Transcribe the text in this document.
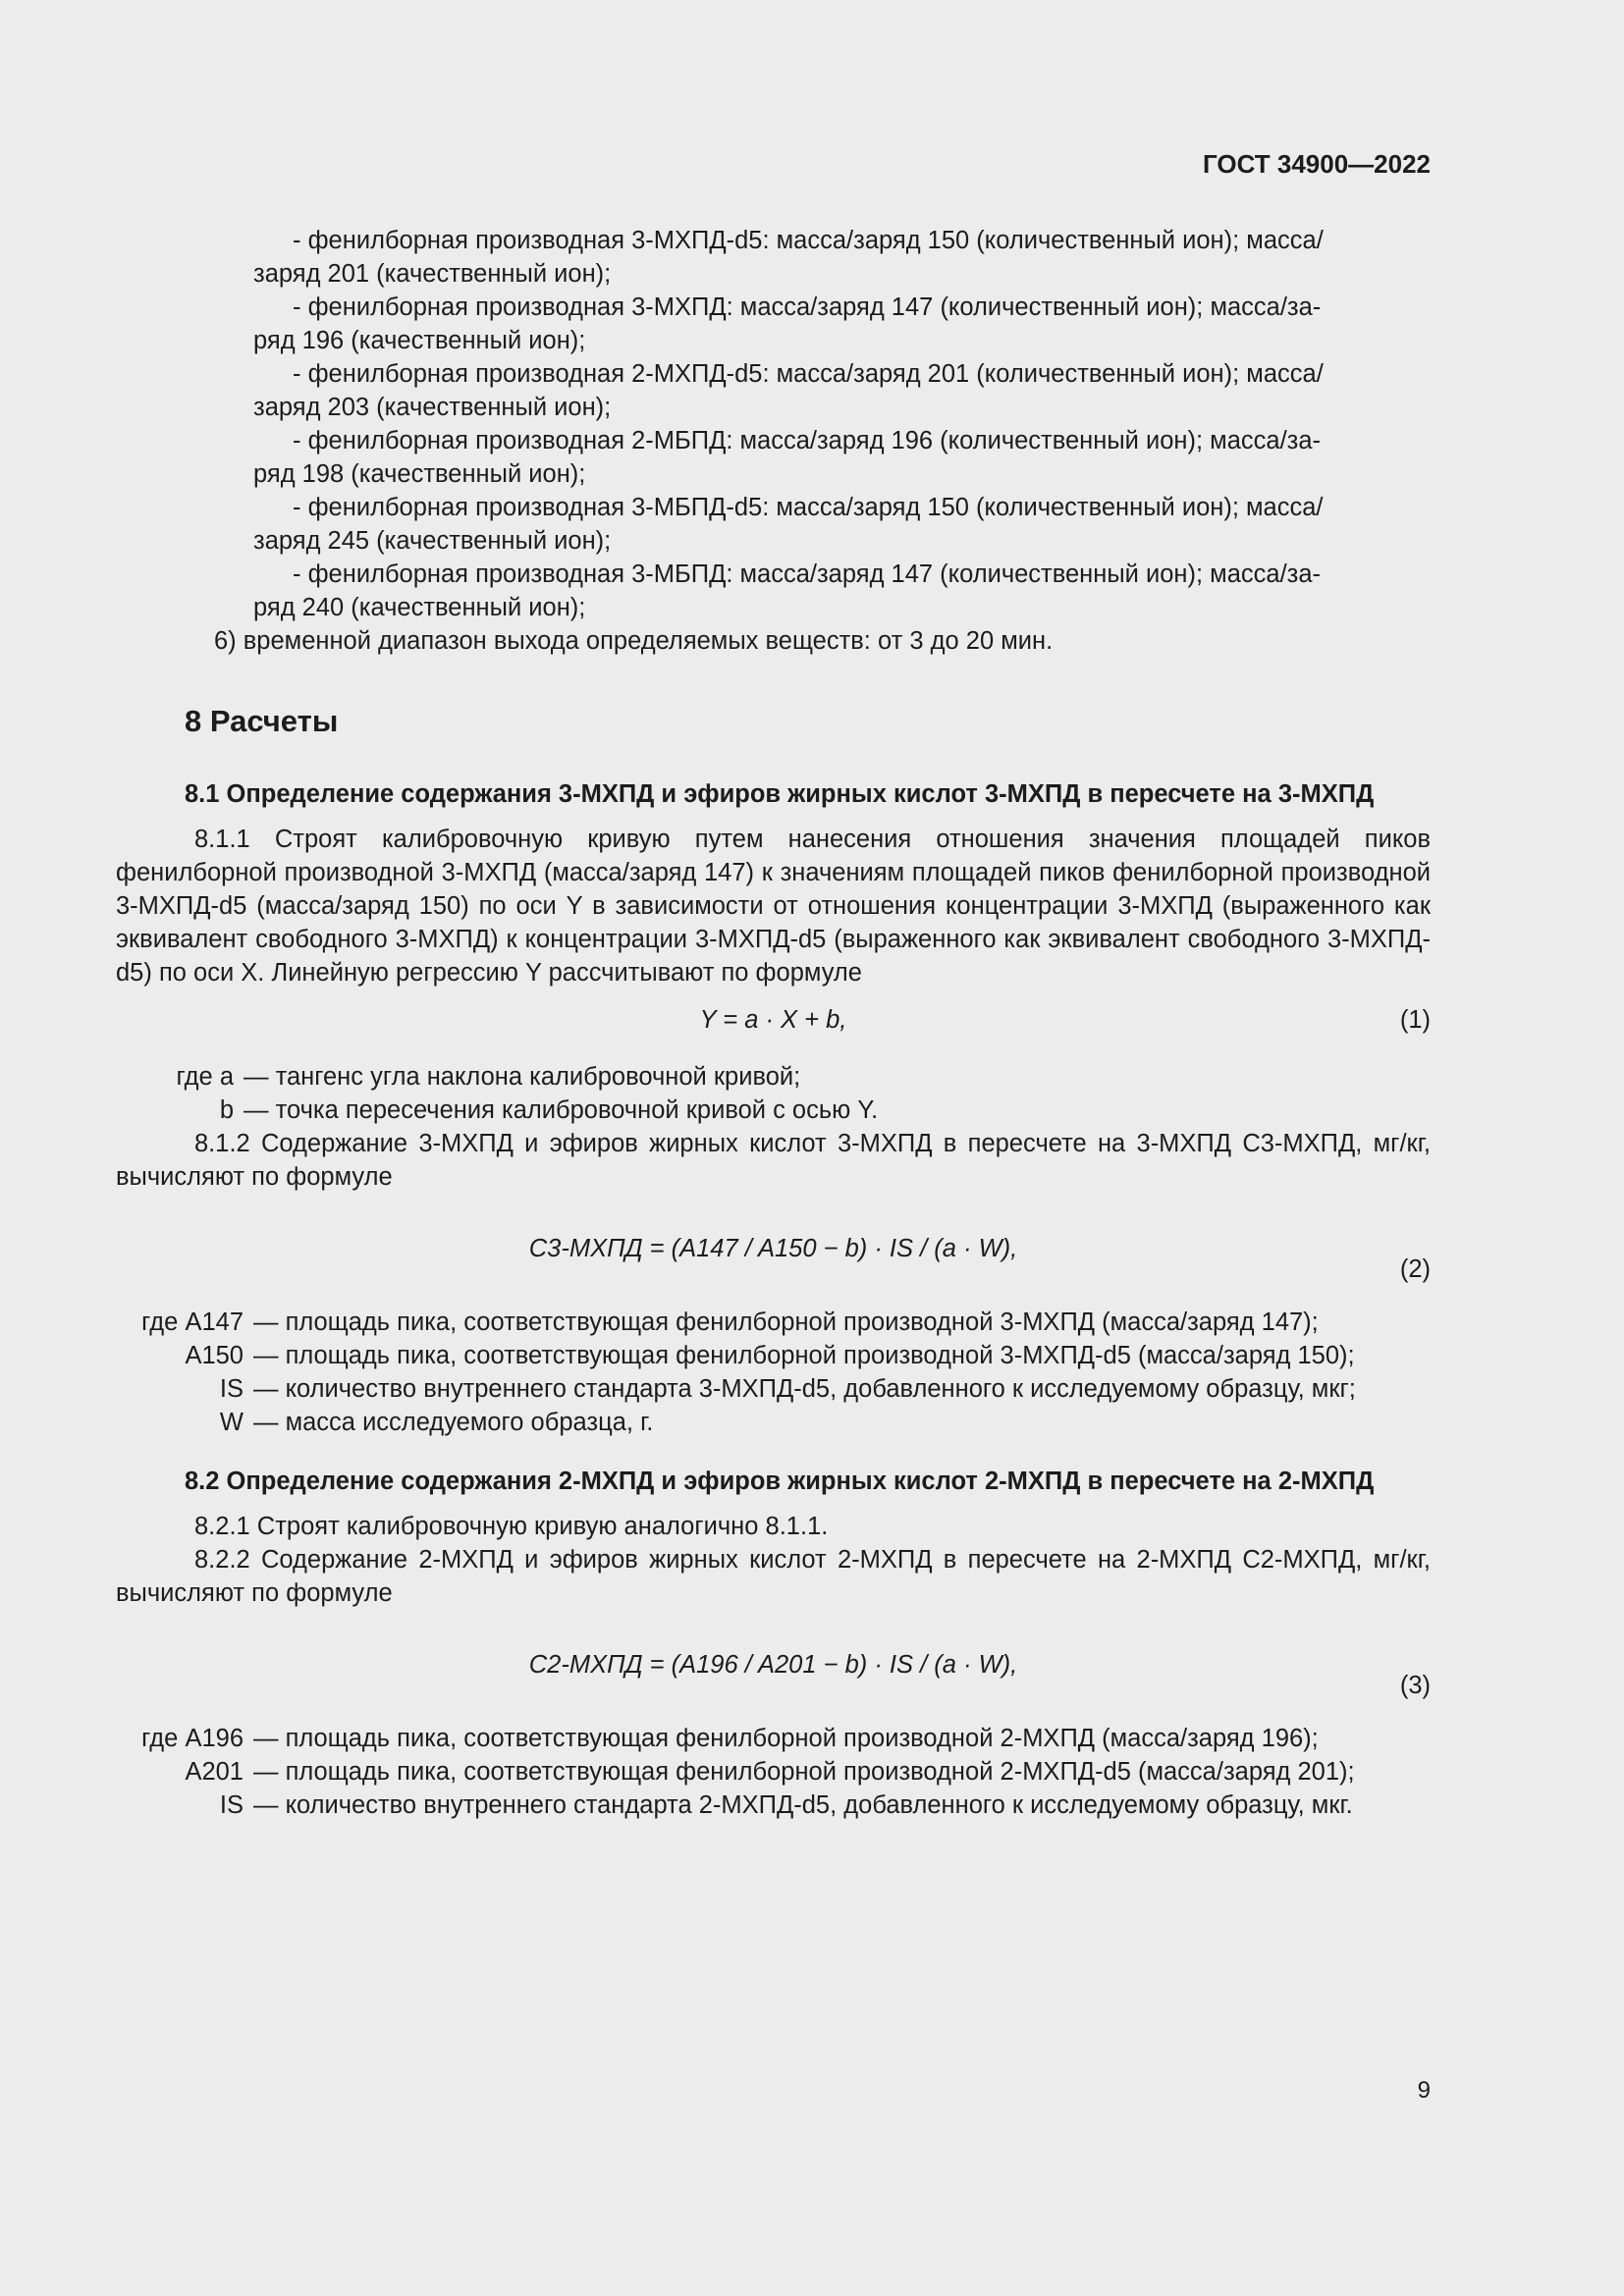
ГОСТ 34900—2022

- фенилборная производная 3-МХПД-d5: масса/заряд 150 (количественный ион); масса/

заряд 201 (качественный ион);

- фенилборная производная 3-МХПД: масса/заряд 147 (количественный ион); масса/за-

ряд 196 (качественный ион);

- фенилборная производная 2-МХПД-d5: масса/заряд 201 (количественный ион); масса/

заряд 203 (качественный ион);

- фенилборная производная 2-МБПД: масса/заряд 196 (количественный ион); масса/за-

ряд 198 (качественный ион);

- фенилборная производная 3-МБПД-d5: масса/заряд 150 (количественный ион); масса/

заряд 245 (качественный ион);

- фенилборная производная 3-МБПД: масса/заряд 147 (количественный ион); масса/за-

ряд 240 (качественный ион);

6) временной диапазон выхода определяемых веществ: от 3 до 20 мин.

8 Расчеты

8.1 Определение содержания 3-МХПД и эфиров жирных кислот 3-МХПД в пересчете на 3-МХПД

8.1.1 Строят калибровочную кривую путем нанесения отношения значения площадей пиков фенилборной производной 3-МХПД (масса/заряд 147) к значениям площадей пиков фенилборной производной 3-МХПД-d5 (масса/заряд 150) по оси Y в зависимости от отношения концентрации 3-МХПД (выраженного как эквивалент свободного 3-МХПД) к концентрации 3-МХПД-d5 (выраженного как эквивалент свободного 3-МХПД-d5) по оси X. Линейную регрессию Y рассчитывают по формуле

Y = a · X + b,	(1)
где a — тангенс угла наклона калибровочной кривой;
b — точка пересечения калибровочной кривой с осью Y.

8.1.2 Содержание 3-МХПД и эфиров жирных кислот 3-МХПД в пересчете на 3-МХПД C3-МХПД, мг/кг, вычисляют по формуле

C3-МХПД = (A147 / A150 − b) · IS / (a · W),
(2)
где A147 — площадь пика, соответствующая фенилборной производной 3-МХПД (масса/заряд 147);
A150 — площадь пика, соответствующая фенилборной производной 3-МХПД-d5 (масса/заряд 150);
IS — количество внутреннего стандарта 3-МХПД-d5, добавленного к исследуемому образцу, мкг;
W — масса исследуемого образца, г.

8.2 Определение содержания 2-МХПД и эфиров жирных кислот 2-МХПД в пересчете на 2-МХПД

8.2.1 Строят калибровочную кривую аналогично 8.1.1.

8.2.2 Содержание 2-МХПД и эфиров жирных кислот 2-МХПД в пересчете на 2-МХПД C2-МХПД, мг/кг, вычисляют по формуле

C2-МХПД = (A196 / A201 − b) · IS / (a · W),
(3)
где A196 — площадь пика, соответствующая фенилборной производной 2-МХПД (масса/заряд 196);
A201 — площадь пика, соответствующая фенилборной производной 2-МХПД-d5 (масса/заряд 201);
IS — количество внутреннего стандарта 2-МХПД-d5, добавленного к исследуемому образцу, мкг.
9
